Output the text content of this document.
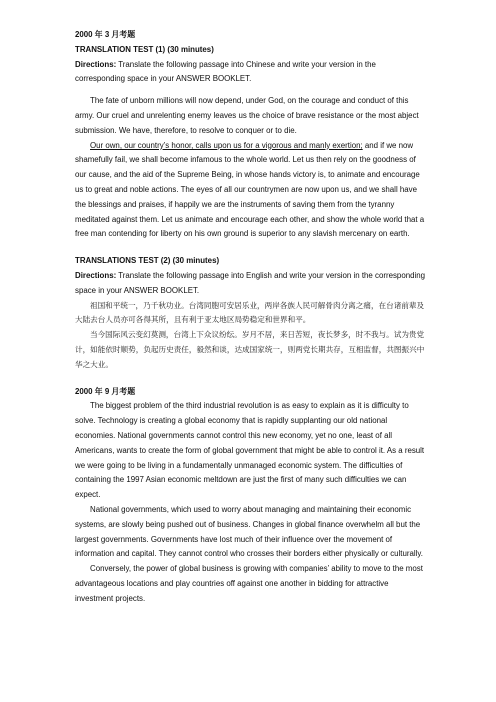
2000 年 3 月考题
TRANSLATION TEST (1) (30 minutes)
Directions: Translate the following passage into Chinese and write your version in the corresponding space in your ANSWER BOOKLET.
The fate of unborn millions will now depend, under God, on the courage and conduct of this army. Our cruel and unrelenting enemy leaves us the choice of brave resistance or the most abject submission. We have, therefore, to resolve to conquer or to die.
Our own, our country’s honor, calls upon us for a vigorous and manly exertion; and if we now shamefully fail, we shall become infamous to the whole world. Let us then rely on the goodness of our cause, and the aid of the Supreme Being, in whose hands victory is, to animate and encourage us to great and noble actions. The eyes of all our countrymen are now upon us, and we shall have the blessings and praises, if happily we are the instruments of saving them from the tyranny meditated against them. Let us animate and encourage each other, and show the whole world that a free man contending for liberty on his own ground is superior to any slavish mercenary on earth.
TRANSLATIONS TEST (2) (30 minutes)
Directions: Translate the following passage into English and write your version in the corresponding space in your ANSWER BOOKLET.
祖国和平统一，乃千秋功业。台湾同胞可安居乐业，两岸各族人民可解骨肉分离之痛，在台诸前辈及大陆去台人员亦可各得其所，且有利于亚太地区局势稳定和世界和平。
当今国际风云变幻莫测，台湾上下众议纷纭。岁月不居，来日苦短，夜长梦多，时不我与。试为贵党计，如能依时顺势，负起历史责任，毅然和谈，达成国家统一，则两党长期共存，互相监督，共图振兴中华之大业。
2000 年 9 月考题
The biggest problem of the third industrial revolution is as easy to explain as it is difficulty to solve. Technology is creating a global economy that is rapidly supplanting our old national economies. National governments cannot control this new economy, yet no one, least of all Americans, wants to create the form of global government that might be able to control it. As a result we were going to be living in a fundamentally unmanaged economic system. The difficulties of containing the 1997 Asian economic meltdown are just the first of many such difficulties we can expect.
National governments, which used to worry about managing and maintaining their economic systems, are slowly being pushed out of business. Changes in global finance overwhelm all but the largest governments. Governments have lost much of their influence over the movement of information and capital. They cannot control who crosses their borders either physically or culturally.
Conversely, the power of global business is growing with companies’ ability to move to the most advantageous locations and play countries off against one another in bidding for attractive investment projects.
